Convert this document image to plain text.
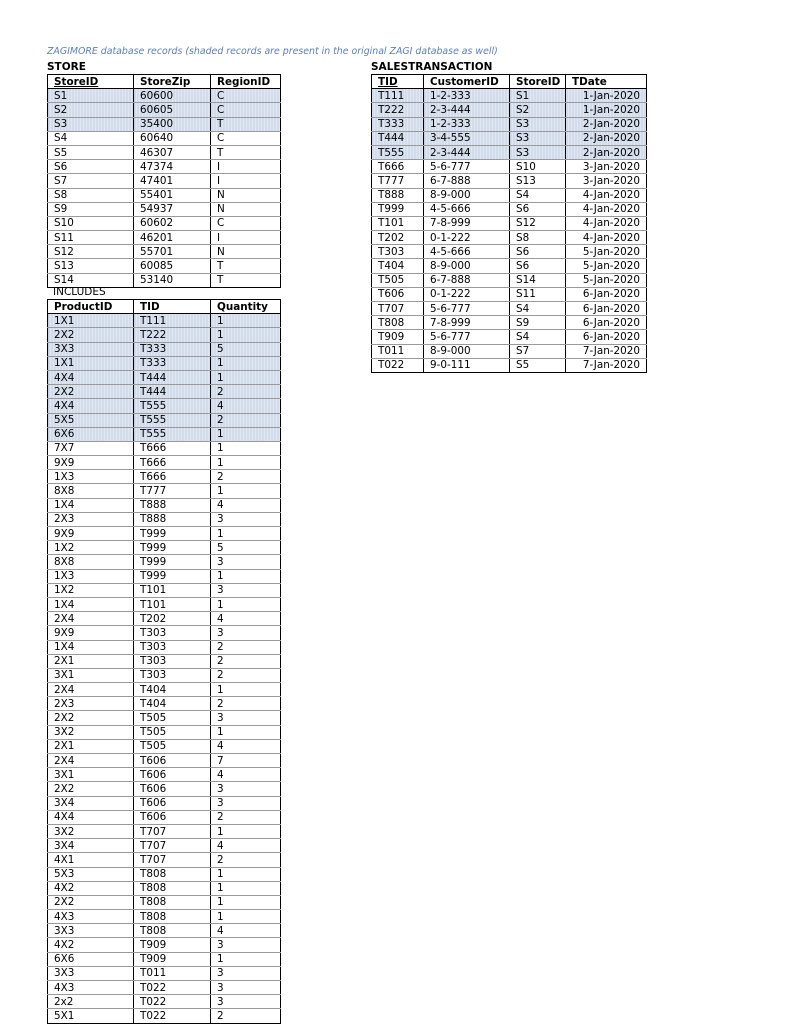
ZAGIMORE database records (shaded records are present in the original ZAGI database as well)
STORE
StoreID	StoreZip	RegionID
S1	60600	C
S2	60605	C
S3	35400	T
S4	60640	C
S5	46307	T
S6	47374	I
S7	47401	I
S8	55401	N
S9	54937	N
S10	60602	C
S11	46201	I
S12	55701	N
S13	60085	T
S14	53140	T
INCLUDES
ProductID	TID	Quantity
1X1	T111	1
2X2	T222	1
3X3	T333	5
1X1	T333	1
4X4	T444	1
2X2	T444	2
4X4	T555	4
5X5	T555	2
6X6	T555	1
7X7	T666	1
9X9	T666	1
1X3	T666	2
8X8	T777	1
1X4	T888	4
2X3	T888	3
9X9	T999	1
1X2	T999	5
8X8	T999	3
1X3	T999	1
1X2	T101	3
1X4	T101	1
2X4	T202	4
9X9	T303	3
1X4	T303	2
2X1	T303	2
3X1	T303	2
2X4	T404	1
2X3	T404	2
2X2	T505	3
3X2	T505	1
2X1	T505	4
2X4	T606	7
3X1	T606	4
2X2	T606	3
3X4	T606	3
4X4	T606	2
3X2	T707	1
3X4	T707	4
4X1	T707	2
5X3	T808	1
4X2	T808	1
2X2	T808	1
4X3	T808	1
3X3	T808	4
4X2	T909	3
6X6	T909	1
3X3	T011	3
4X3	T022	3
2x2	T022	3
5X1	T022	2
SALESTRANSACTION
TID	CustomerID	StoreID	TDate
T111	1-2-333	S1	1-Jan-2020
T222	2-3-444	S2	1-Jan-2020
T333	1-2-333	S3	2-Jan-2020
T444	3-4-555	S3	2-Jan-2020
T555	2-3-444	S3	2-Jan-2020
T666	5-6-777	S10	3-Jan-2020
T777	6-7-888	S13	3-Jan-2020
T888	8-9-000	S4	4-Jan-2020
T999	4-5-666	S6	4-Jan-2020
T101	7-8-999	S12	4-Jan-2020
T202	0-1-222	S8	4-Jan-2020
T303	4-5-666	S6	5-Jan-2020
T404	8-9-000	S6	5-Jan-2020
T505	6-7-888	S14	5-Jan-2020
T606	0-1-222	S11	6-Jan-2020
T707	5-6-777	S4	6-Jan-2020
T808	7-8-999	S9	6-Jan-2020
T909	5-6-777	S4	6-Jan-2020
T011	8-9-000	S7	7-Jan-2020
T022	9-0-111	S5	7-Jan-2020
